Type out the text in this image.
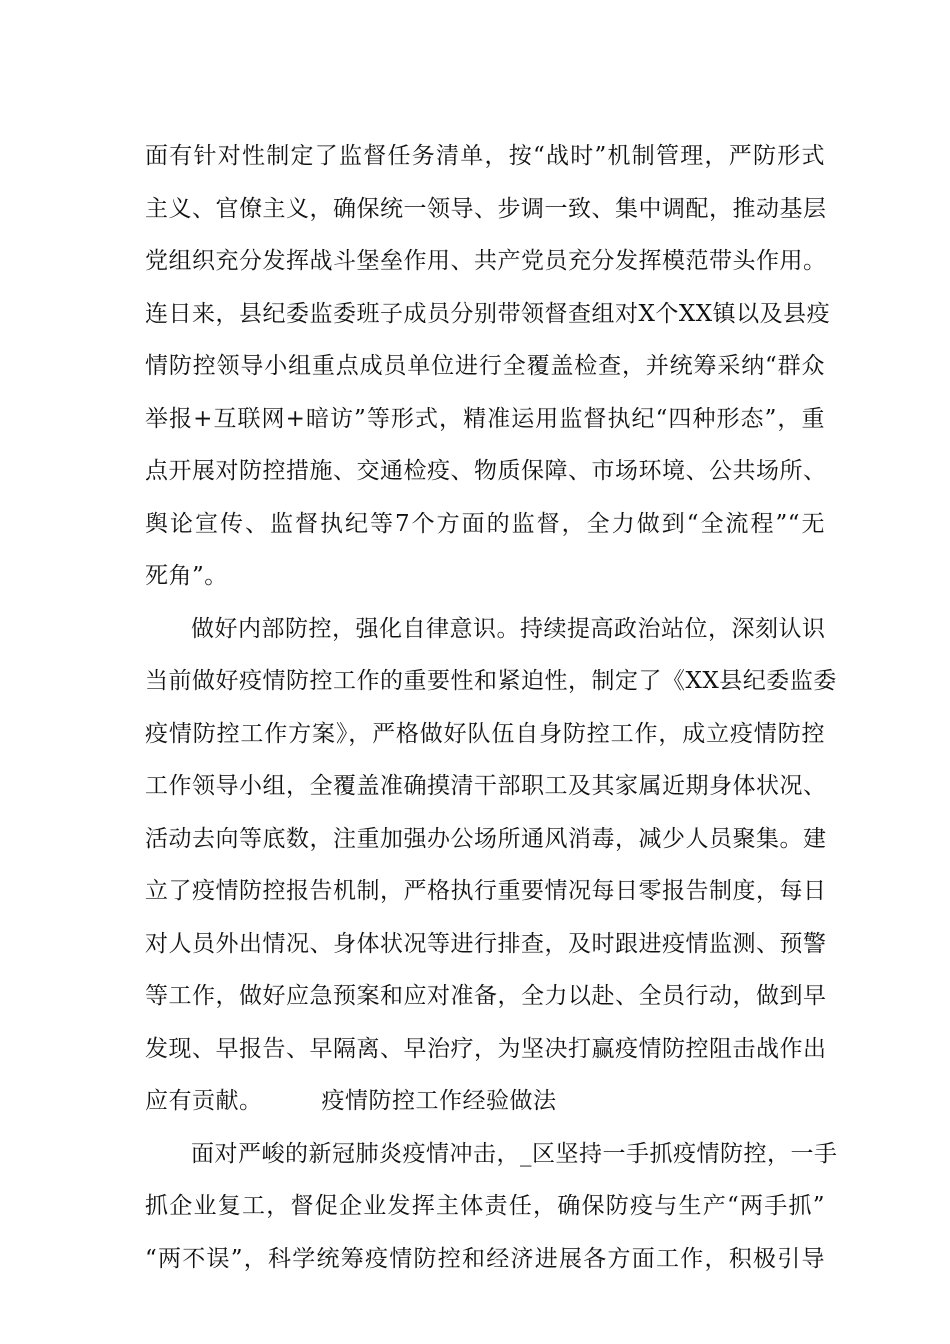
面有针对性制定了监督任务清单，按“战时”机制管理，严防形式
主义、官僚主义，确保统一领导、步调一致、集中调配，推动基层
党组织充分发挥战斗堡垒作用、共产党员充分发挥模范带头作用。
连日来，县纪委监委班子成员分别带领督查组对X个XX镇以及县疫
情防控领导小组重点成员单位进行全覆盖检查，并统筹采纳“群众
举报+互联网+暗访”等形式，精准运用监督执纪“四种形态”，重
点开展对防控措施、交通检疫、物质保障、市场环境、公共场所、
舆论宣传、监督执纪等7个方面的监督，全力做到“全流程”“无
死角”。
做好内部防控，强化自律意识。持续提高政治站位，深刻认识
当前做好疫情防控工作的重要性和紧迫性，制定了《XX县纪委监委
疫情防控工作方案》，严格做好队伍自身防控工作，成立疫情防控
工作领导小组，全覆盖准确摸清干部职工及其家属近期身体状况、
活动去向等底数，注重加强办公场所通风消毒，减少人员聚集。建
立了疫情防控报告机制，严格执行重要情况每日零报告制度，每日
对人员外出情况、身体状况等进行排查，及时跟进疫情监测、预警
等工作，做好应急预案和应对准备，全力以赴、全员行动，做到早
发现、早报告、早隔离、早治疗，为坚决打赢疫情防控阻击战作出
应有贡献。　　　疫情防控工作经验做法
面对严峻的新冠肺炎疫情冲击，_区坚持一手抓疫情防控，一手
抓企业复工，督促企业发挥主体责任，确保防疫与生产“两手抓”
“两不误”，科学统筹疫情防控和经济进展各方面工作，积极引导
